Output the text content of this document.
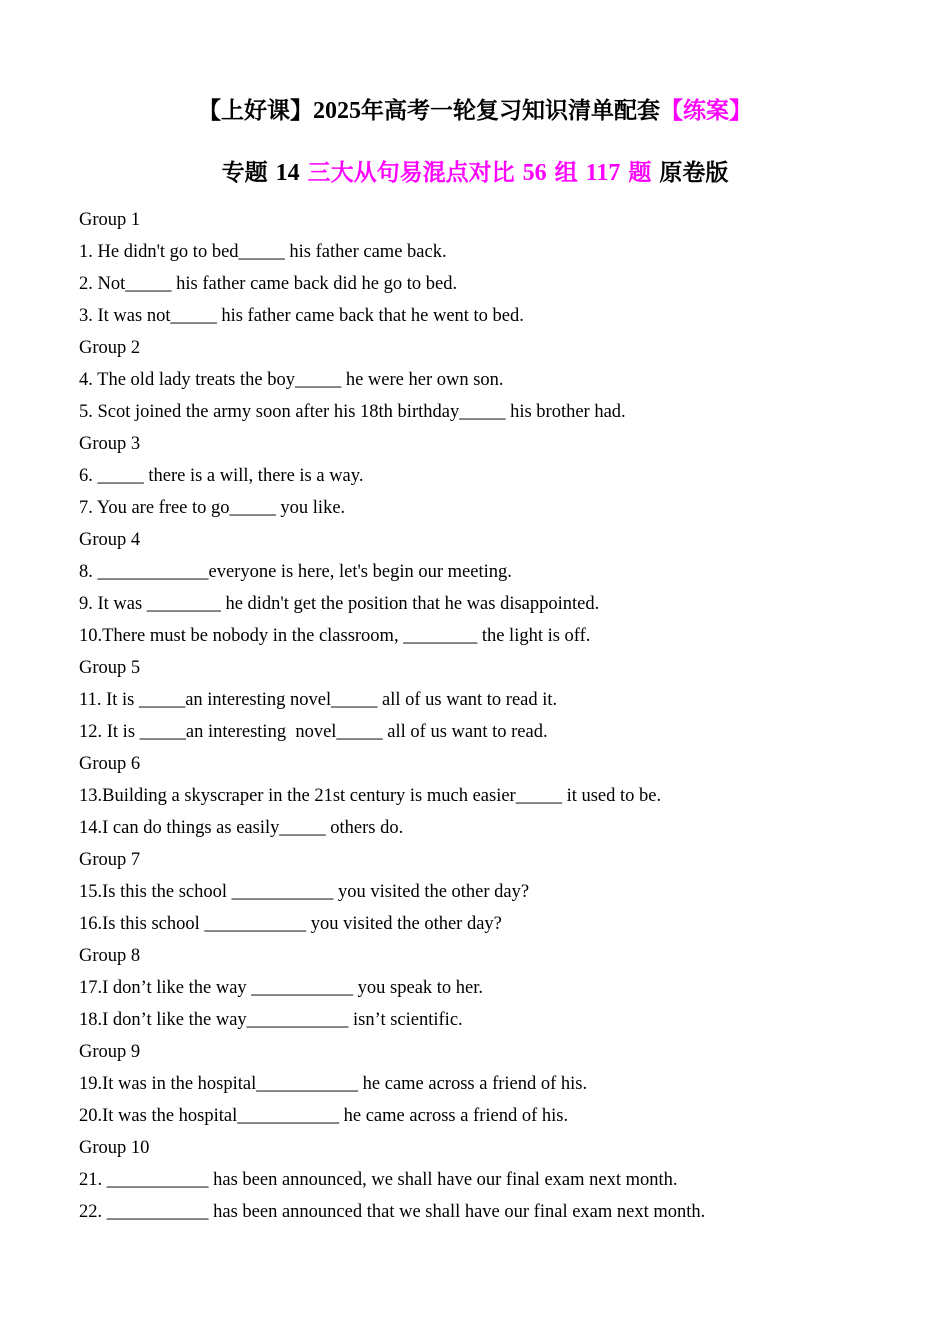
【上好课】2025年高考一轮复习知识清单配套【练案】
专题 14 三大从句易混点对比 56 组 117 题 原卷版
Group 1
1. He didn't go to bed_____ his father came back.
2. Not_____ his father came back did he go to bed.
3. It was not_____ his father came back that he went to bed.
Group 2
4. The old lady treats the boy_____ he were her own son.
5. Scot joined the army soon after his 18th birthday_____ his brother had.
Group 3
6. _____ there is a will, there is a way.
7. You are free to go_____ you like.
Group 4
8. ____________everyone is here, let's begin our meeting.
9. It was ________ he didn't get the position that he was disappointed.
10.There must be nobody in the classroom, ________ the light is off.
Group 5
11. It is _____an interesting novel_____ all of us want to read it.
12. It is _____an interesting  novel_____ all of us want to read.
Group 6
13.Building a skyscraper in the 21st century is much easier_____ it used to be.
14.I can do things as easily_____ others do.
Group 7
15.Is this the school ___________ you visited the other day?
16.Is this school ___________ you visited the other day?
Group 8
17.I don’t like the way ___________ you speak to her.
18.I don’t like the way___________ isn’t scientific.
Group 9
19.It was in the hospital___________ he came across a friend of his.
20.It was the hospital___________ he came across a friend of his.
Group 10
21. ___________ has been announced, we shall have our final exam next month.
22. ___________ has been announced that we shall have our final exam next month.
